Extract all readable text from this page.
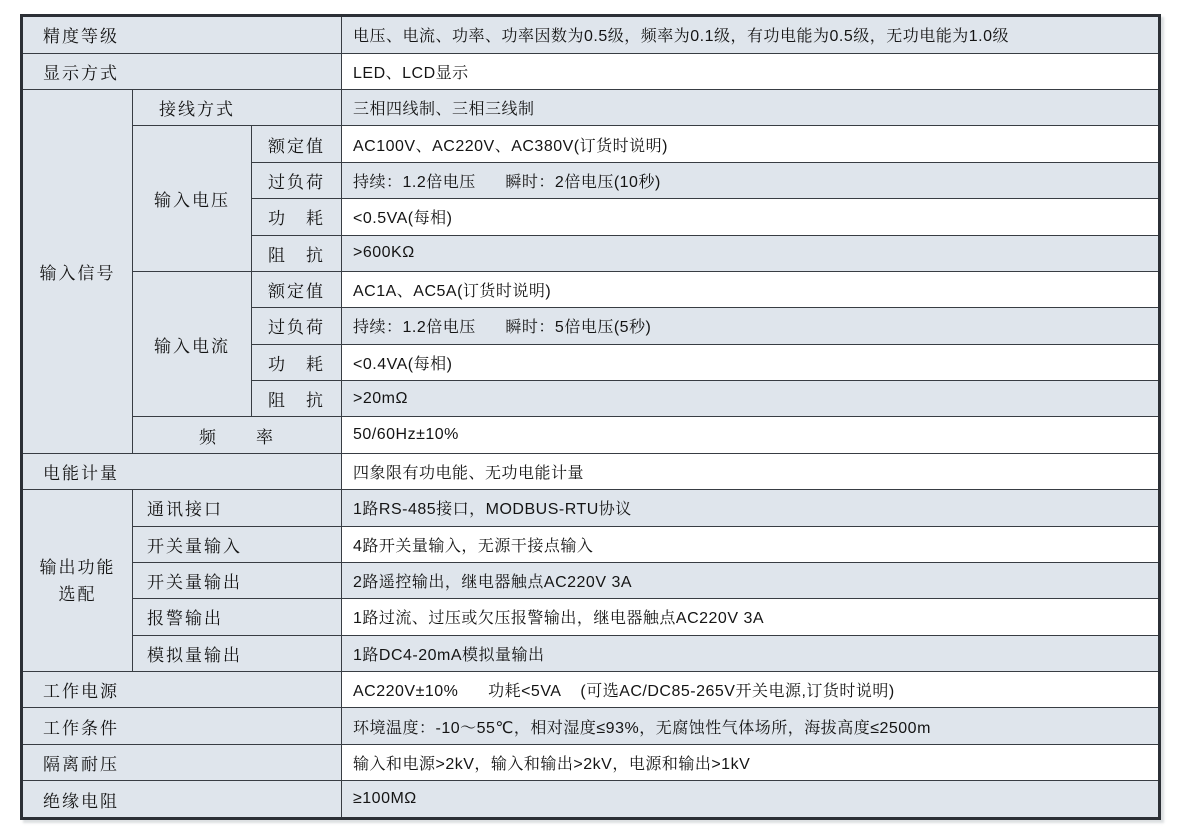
精度等级			电压、电流、功率、功率因数为0.5级，频率为0.1级，有功电能为0.5级，无功电能为1.0级
显示方式			LED、LCD显示
输入信号	接线方式		三相四线制、三相三线制
	输入电压	额定值	AC100V、AC220V、AC380V(订货时说明)
		过负荷	持续：1.2倍电压      瞬时：2倍电压(10秒)
		功　耗	<0.5VA(每相)
		阻　抗	>600KΩ
	输入电流	额定值	AC1A、AC5A(订货时说明)
		过负荷	持续：1.2倍电压      瞬时：5倍电压(5秒)
		功　耗	<0.4VA(每相)
		阻　抗	>20mΩ
	频　　率		50/60Hz±10%
电能计量			四象限有功电能、无功电能计量

输出功能
选配	通讯接口		1路RS-485接口，MODBUS-RTU协议
	开关量输入		4路开关量输入，无源干接点输入
	开关量输出		2路遥控输出，继电器触点AC220V 3A
	报警输出		1路过流、过压或欠压报警输出，继电器触点AC220V 3A
	模拟量输出		1路DC4-20mA模拟量输出
工作电源			AC220V±10%      功耗<5VA    (可选AC/DC85-265V开关电源,订货时说明)
工作条件			环境温度：-10～55℃，相对湿度≤93%，无腐蚀性气体场所，海拔高度≤2500m
隔离耐压			输入和电源>2kV，输入和输出>2kV，电源和输出>1kV
绝缘电阻			≥100MΩ
